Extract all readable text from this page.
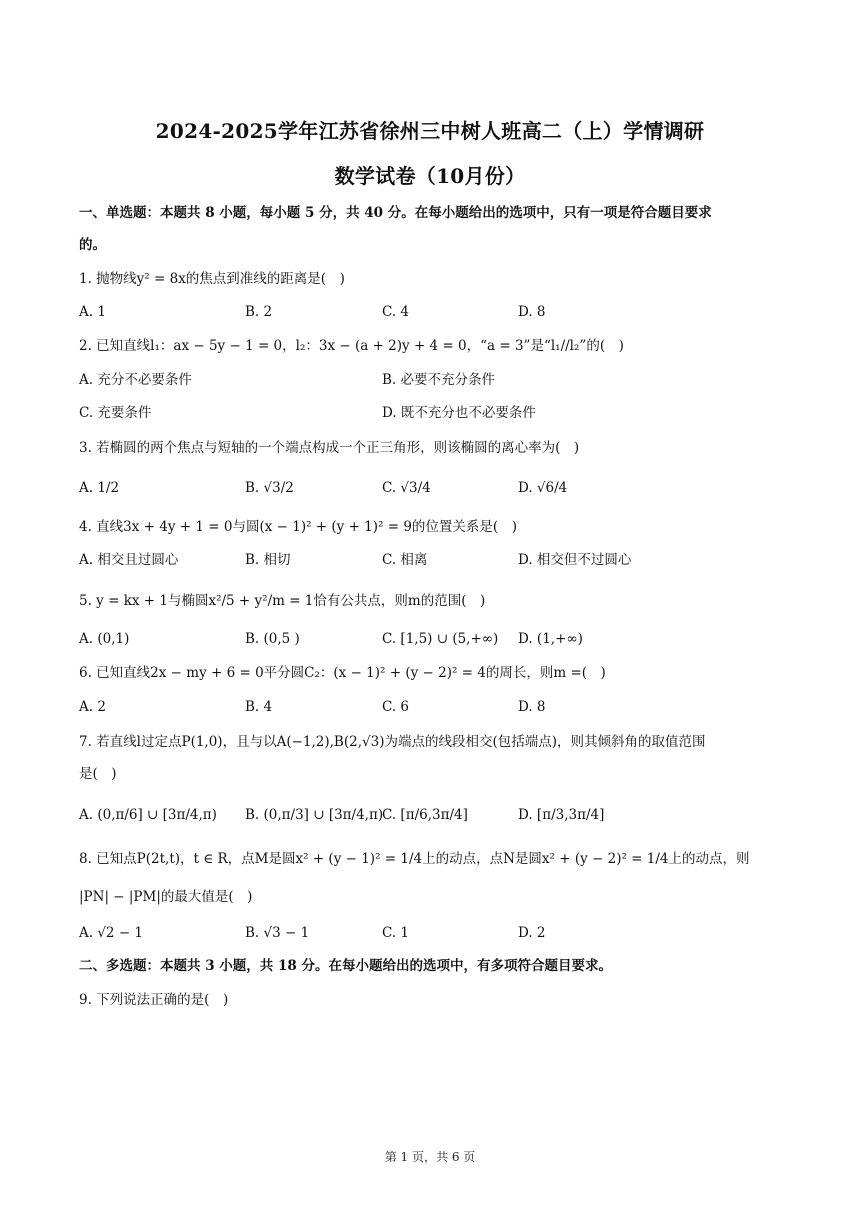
2024-2025学年江苏省徐州三中树人班高二（上）学情调研
数学试卷（10月份）
一、单选题：本题共 8 小题，每小题 5 分，共 40 分。在每小题给出的选项中，只有一项是符合题目要求
的。
1. 抛物线y² = 8x的焦点到准线的距离是(　)
A. 1	B. 2	C. 4	D. 8
2. 已知直线l₁：ax − 5y − 1 = 0，l₂：3x − (a + 2)y + 4 = 0，“a = 3”是“l₁//l₂”的(　)
A. 充分不必要条件	B. 必要不充分条件
C. 充要条件	D. 既不充分也不必要条件
3. 若椭圆的两个焦点与短轴的一个端点构成一个正三角形，则该椭圆的离心率为(　)
A. 1/2	B. √3/2	C. √3/4	D. √6/4
4. 直线3x + 4y + 1 = 0与圆(x − 1)² + (y + 1)² = 9的位置关系是(　)
A. 相交且过圆心	B. 相切	C. 相离	D. 相交但不过圆心
5. y = kx + 1与椭圆x²/5 + y²/m = 1恰有公共点，则m的范围(　)
A. (0,1)	B. (0,5 )	C. [1,5) ∪ (5,+∞) D. (1,+∞)
6. 已知直线2x − my + 6 = 0平分圆C₂：(x − 1)² + (y − 2)² = 4的周长，则m =(　)
A. 2	B. 4	C. 6	D. 8
7. 若直线l过定点P(1,0)，且与以A(−1,2),B(2,√3)为端点的线段相交(包括端点)，则其倾斜角的取值范围
是(　)
A. (0,π/6] ∪ [3π/4,π) B. (0,π/3] ∪ [3π/4,π)
C. [π/6,3π/4]	D. [π/3,3π/4]
8. 已知点P(2t,t)，t ∈ R，点M是圆x² + (y − 1)² = 1/4上的动点，点N是圆x² + (y − 2)² = 1/4上的动点，则
|PN| − |PM|的最大值是(　)
A. √2 − 1	B. √3 − 1	C. 1	D. 2
二、多选题：本题共 3 小题，共 18 分。在每小题给出的选项中，有多项符合题目要求。
9. 下列说法正确的是(　)
第 1 页，共 6 页
